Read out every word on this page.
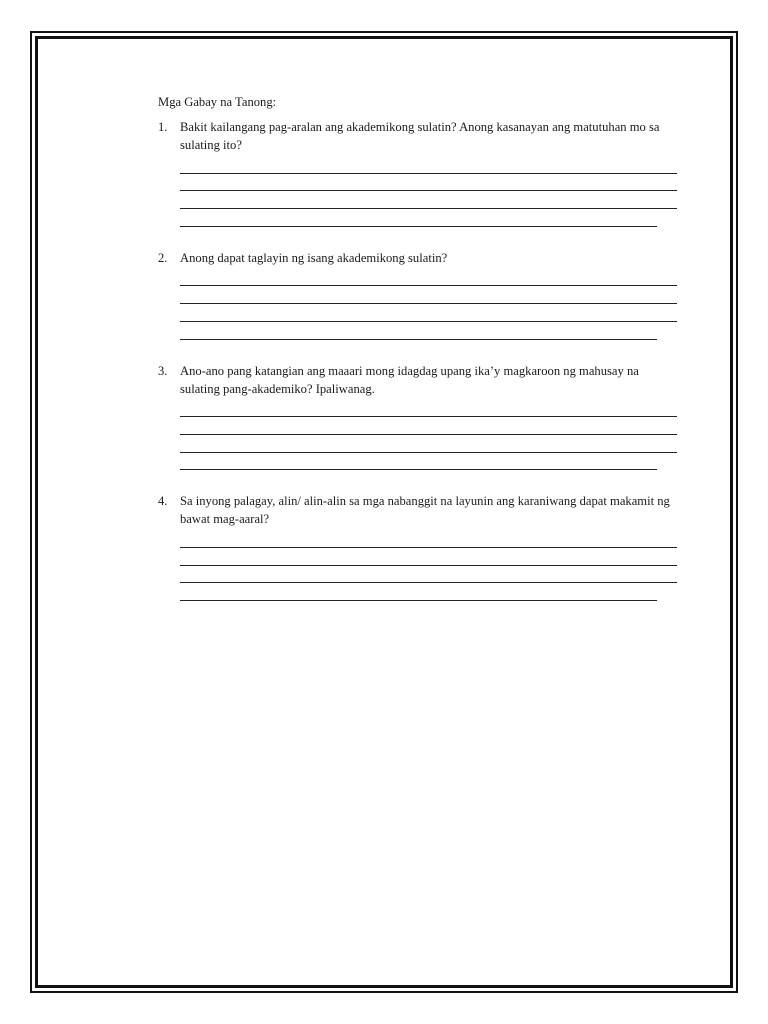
Mga Gabay na Tanong:
1. Bakit kailangang pag-aralan ang akademikong sulatin? Anong kasanayan ang matutuhan mo sa sulating ito?
2. Anong dapat taglayin ng isang akademikong sulatin?
3. Ano-ano pang katangian ang maaari mong idagdag upang ika’y magkaroon ng mahusay na sulating pang-akademiko? Ipaliwanag.
4. Sa inyong palagay, alin/ alin-alin sa mga nabanggit na layunin ang karaniwang dapat makamit ng bawat mag-aaral?
